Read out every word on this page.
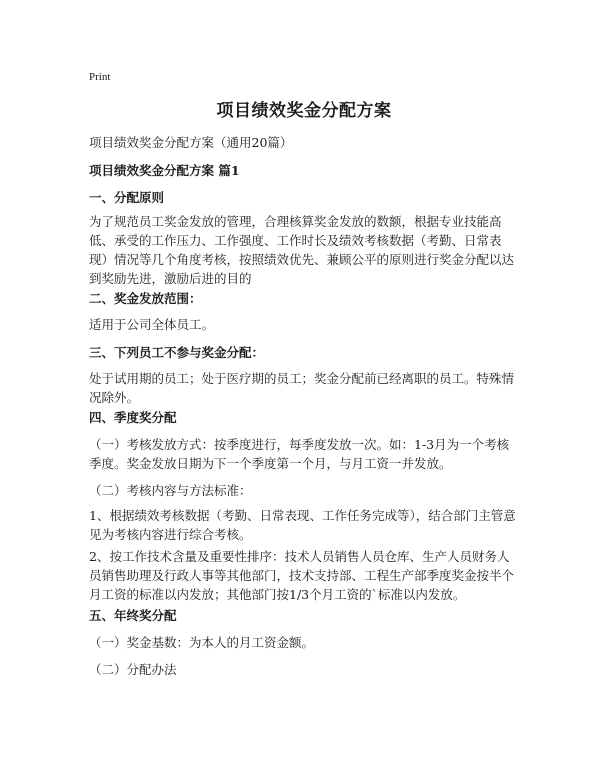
Print
项目绩效奖金分配方案
项目绩效奖金分配方案（通用20篇）
项目绩效奖金分配方案 篇1
一、分配原则
为了规范员工奖金发放的管理，合理核算奖金发放的数额，根据专业技能高低、承受的工作压力、工作强度、工作时长及绩效考核数据（考勤、日常表现）情况等几个角度考核，按照绩效优先、兼顾公平的原则进行奖金分配以达到奖励先进，激励后进的目的
二、奖金发放范围：
适用于公司全体员工。
三、下列员工不参与奖金分配：
处于试用期的员工；处于医疗期的员工；奖金分配前已经离职的员工。特殊情况除外。
四、季度奖分配
（一）考核发放方式：按季度进行，每季度发放一次。如：1-3月为一个考核季度。奖金发放日期为下一个季度第一个月，与月工资一并发放。
（二）考核内容与方法标准：
1、根据绩效考核数据（考勤、日常表现、工作任务完成等），结合部门主管意见为考核内容进行综合考核。
2、按工作技术含量及重要性排序：技术人员销售人员仓库、生产人员财务人员销售助理及行政人事等其他部门，技术支持部、工程生产部季度奖金按半个月工资的标准以内发放；其他部门按1/3个月工资的`标准以内发放。
五、年终奖分配
（一）奖金基数：为本人的月工资金额。
（二）分配办法
